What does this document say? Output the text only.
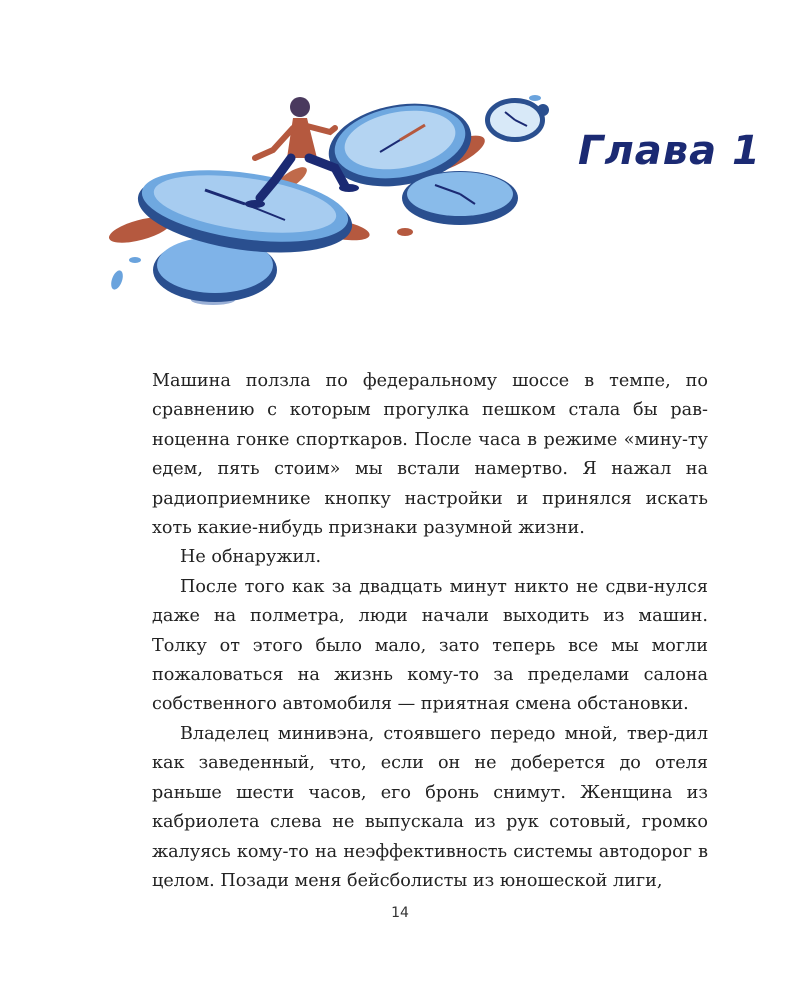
Глава 1

Машина ползла по федеральному шоссе в темпе, по сравнению с которым прогулка пешком стала бы рав-ноценна гонке спорткаров. После часа в режиме «мину-ту едем, пять стоим» мы встали намертво. Я нажал на радиоприемнике кнопку настройки и принялся искать хоть какие-нибудь признаки разумной жизни.

Не обнаружил.

После того как за двадцать минут никто не сдви-нулся даже на полметра, люди начали выходить из машин. Толку от этого было мало, зато теперь все мы могли пожаловаться на жизнь кому-то за пределами салона собственного автомобиля — приятная смена обстановки.

Владелец минивэна, стоявшего передо мной, твер-дил как заведенный, что, если он не доберется до отеля раньше шести часов, его бронь снимут. Женщина из кабриолета слева не выпускала из рук сотовый, громко жалуясь кому-то на неэффективность системы автодорог в целом. Позади меня бейсболисты из юношеской лиги,

14
